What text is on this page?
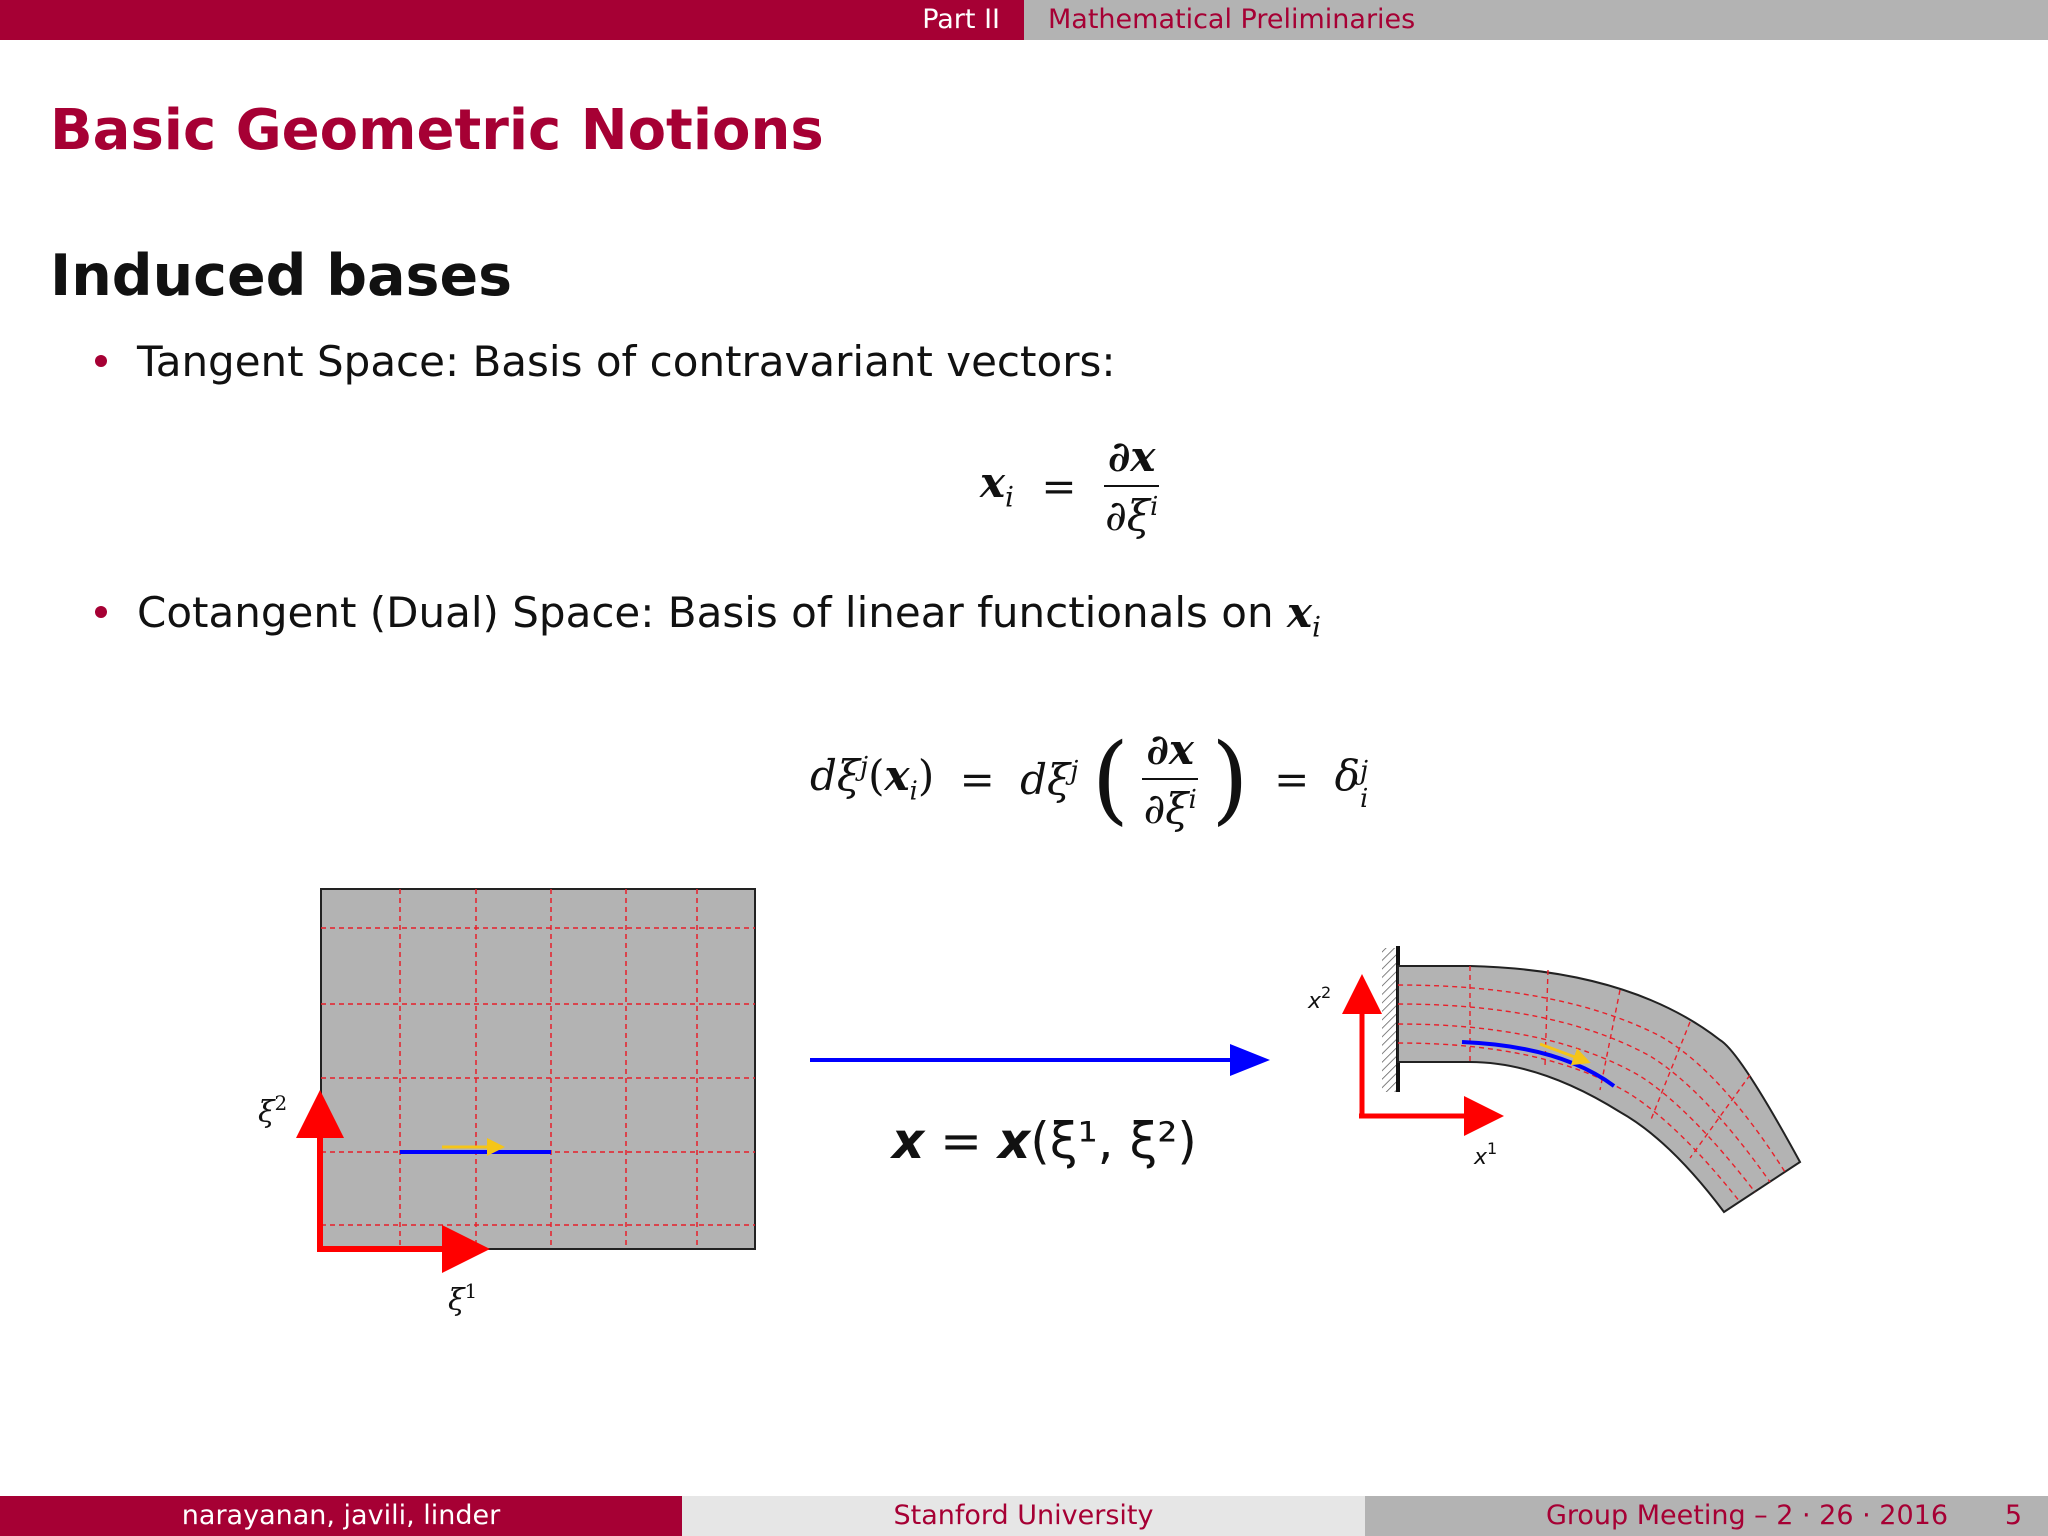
Part II Mathematical Preliminaries
Basic Geometric Notions
Induced bases
Tangent Space: Basis of contravariant vectors:
$x_i = \frac{\partial x}{\partial\xi^i}$
Cotangent (Dual) Space: Basis of linear functionals on $x_i$
$d\xi^j(x_i) = d\xi^j$ ( $\frac{\partial x}{\partial\xi^i}$ ) = δ j
i
$\xi^1$
$\xi^2$
x = x(ξ¹, ξ²)	$x^1$
$x^2$
narayanan, javili, linder	Stanford University	Group Meeting – 2 · 26 · 2016 5
